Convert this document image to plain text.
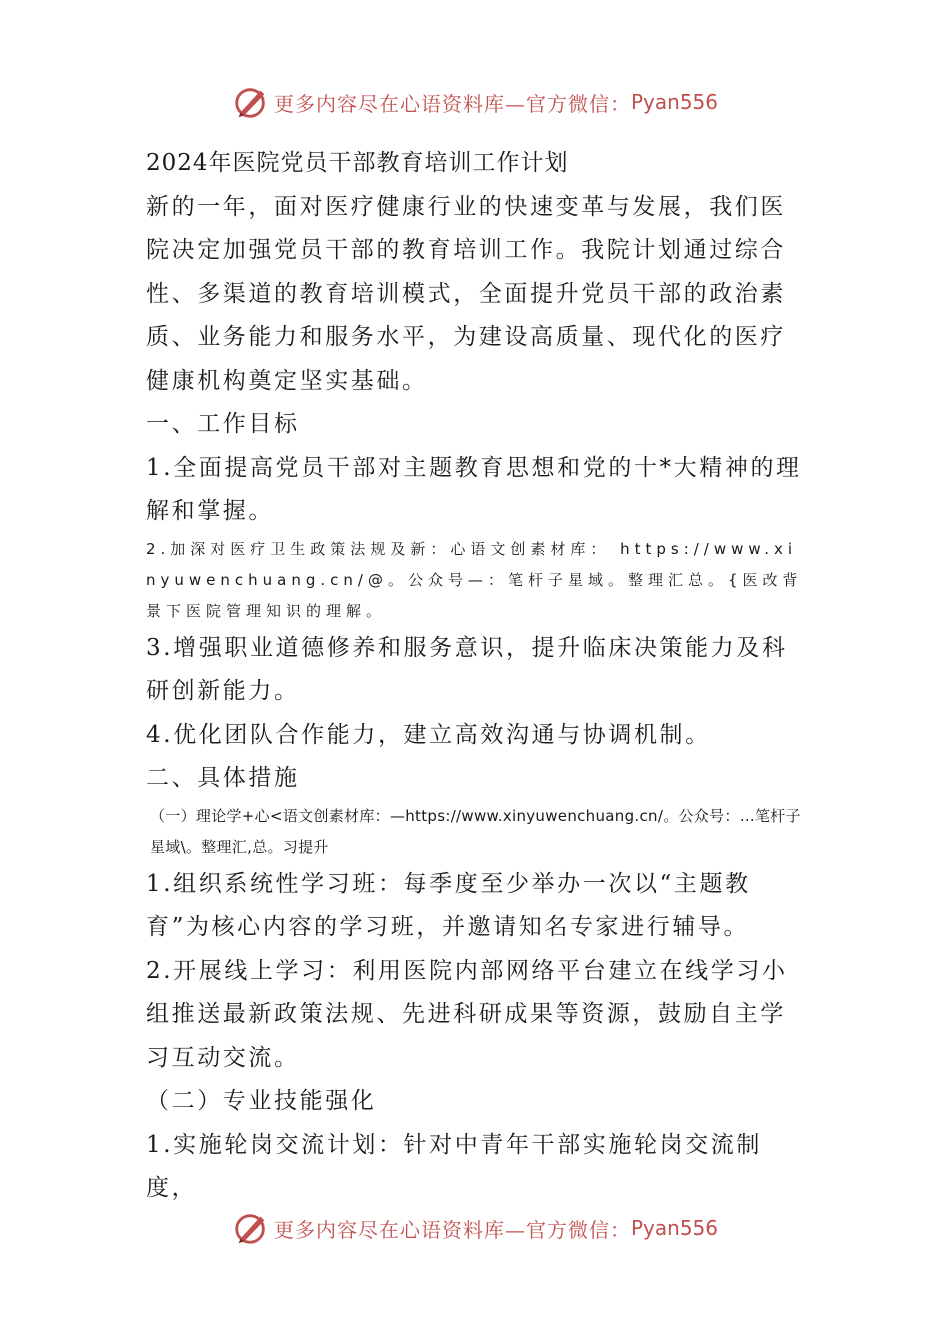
更多内容尽在心语资料库—官方微信： Pyan556
2024年医院党员干部教育培训工作计划
新的一年，面对医疗健康行业的快速变革与发展，我们医院决定加强党员干部的教育培训工作。我院计划通过综合性、多渠道的教育培训模式，全面提升党员干部的政治素质、业务能力和服务水平，为建设高质量、现代化的医疗健康机构奠定坚实基础。
一、工作目标
1.全面提高党员干部对主题教育思想和党的十*大精神的理解和掌握。
2.加深对医疗卫生政策法规及新：心语文创素材库： https://www.xinyuwenchuang.cn/@。公众号—：笔杆子星域。整理汇总。{医改背景下医院管理知识的理解。
3.增强职业道德修养和服务意识，提升临床决策能力及科研创新能力。
4.优化团队合作能力，建立高效沟通与协调机制。
二、具体措施
（一）理论学+心<语文创素材库：—https://www.xinyuwenchuang.cn/。公众号：…笔杆子星域\。整理汇,总。习提升
1.组织系统性学习班：每季度至少举办一次以“主题教育”为核心内容的学习班，并邀请知名专家进行辅导。
2.开展线上学习：利用医院内部网络平台建立在线学习小组推送最新政策法规、先进科研成果等资源，鼓励自主学习互动交流。
（二）专业技能强化
1.实施轮岗交流计划：针对中青年干部实施轮岗交流制度，
更多内容尽在心语资料库—官方微信： Pyan556
